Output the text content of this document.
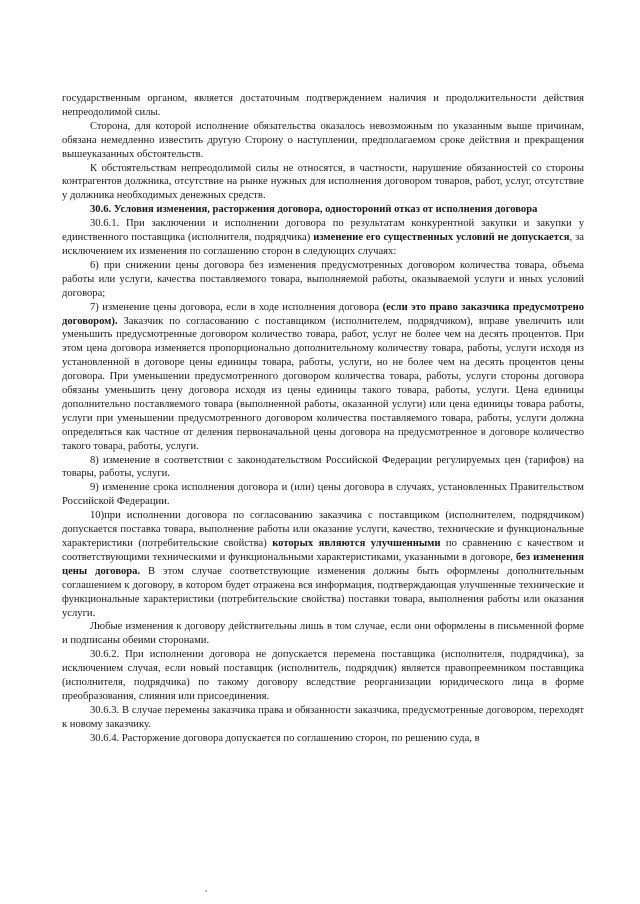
государственным органом, является достаточным подтверждением наличия и продолжительности действия непреодолимой силы.

Сторона, для которой исполнение обязательства оказалось невозможным по указанным выше причинам, обязана немедленно известить другую Сторону о наступлении, предполагаемом сроке действия и прекращения вышеуказанных обстоятельств.

К обстоятельствам непреодолимой силы не относятся, в частности, нарушение обязанностей со стороны контрагентов должника, отсутствие на рынке нужных для исполнения договором товаров, работ, услуг, отсутствие у должника необходимых денежных средств.

30.6. Условия изменения, расторжения договора, одностороний отказ от исполнения договора

30.6.1. При заключении и исполнении договора по результатам конкурентной закупки и закупки у единственного поставщика (исполнителя, подрядчика) изменение его существенных условий не допускается, за исключением их изменения по соглашению сторон в следующих случаях:

6) при снижении цены договора без изменения предусмотренных договором количества товара, объема работы или услуги, качества поставляемого товара, выполняемой работы, оказываемой услуги и иных условий договора;

7) изменение цены договора, если в ходе исполнения договора (если это право заказчика предусмотрено договором). Заказчик по согласованию с поставщиком (исполнителем, подрядчиком), вправе увеличить или уменьшить предусмотренные договором количество товара, работ, услуг не более чем на десять процентов. При этом цена договора изменяется пропорционально дополнительному количеству товара, работы, услуги исходя из установленной в договоре цены единицы товара, работы, услуги, но не более чем на десять процентов цены договора. При уменьшении предусмотренного договором количества товара, работы, услуги стороны договора обязаны уменьшить цену договора исходя из цены единицы такого товара, работы, услуги. Цена единицы дополнительно поставляемого товара (выполненной работы, оказанной услуги) или цена единицы товара работы, услуги при уменьшении предусмотренного договором количества поставляемого товара, работы, услуги должна определяться как частное от деления первоначальной цены договора на предусмотренное в договоре количество такого товара, работы, услуги.

8) изменение в соответствии с законодательством Российской Федерации регулируемых цен (тарифов) на товары, работы, услуги.

9) изменение срока исполнения договора и (или) цены договора в случаях, установленных Правительством Российской Федерации.

10)при исполнении договора по согласованию заказчика с поставщиком (исполнителем, подрядчиком) допускается поставка товара, выполнение работы или оказание услуги, качество, технические и функциональные характеристики (потребительские свойства) которых являются улучшенными по сравнению с качеством и соответствующими техническими и функциональными характеристиками, указанными в договоре, без изменения цены договора. В этом случае соответствующие изменения должны быть оформлены дополнительным соглашением к договору, в котором будет отражена вся информация, подтверждающая улучшенные технические и функциональные характеристики (потребительские свойства) поставки товара, выполнения работы или оказания услуги.

Любые изменения к договору действительны лишь в том случае, если они оформлены в письменной форме и подписаны обеими сторонами.

30.6.2. При исполнении договора не допускается перемена поставщика (исполнителя, подрядчика), за исключением случая, если новый поставщик (исполнитель, подрядчик) является правопреемником поставщика (исполнителя, подрядчика) по такому договору вследствие реорганизации юридического лица в форме преобразования, слияния или присоединения.

30.6.3. В случае перемены заказчика права и обязанности заказчика, предусмотренные договором, переходят к новому заказчику.

30.6.4. Расторжение договора допускается по соглашению сторон, по решению суда, в
